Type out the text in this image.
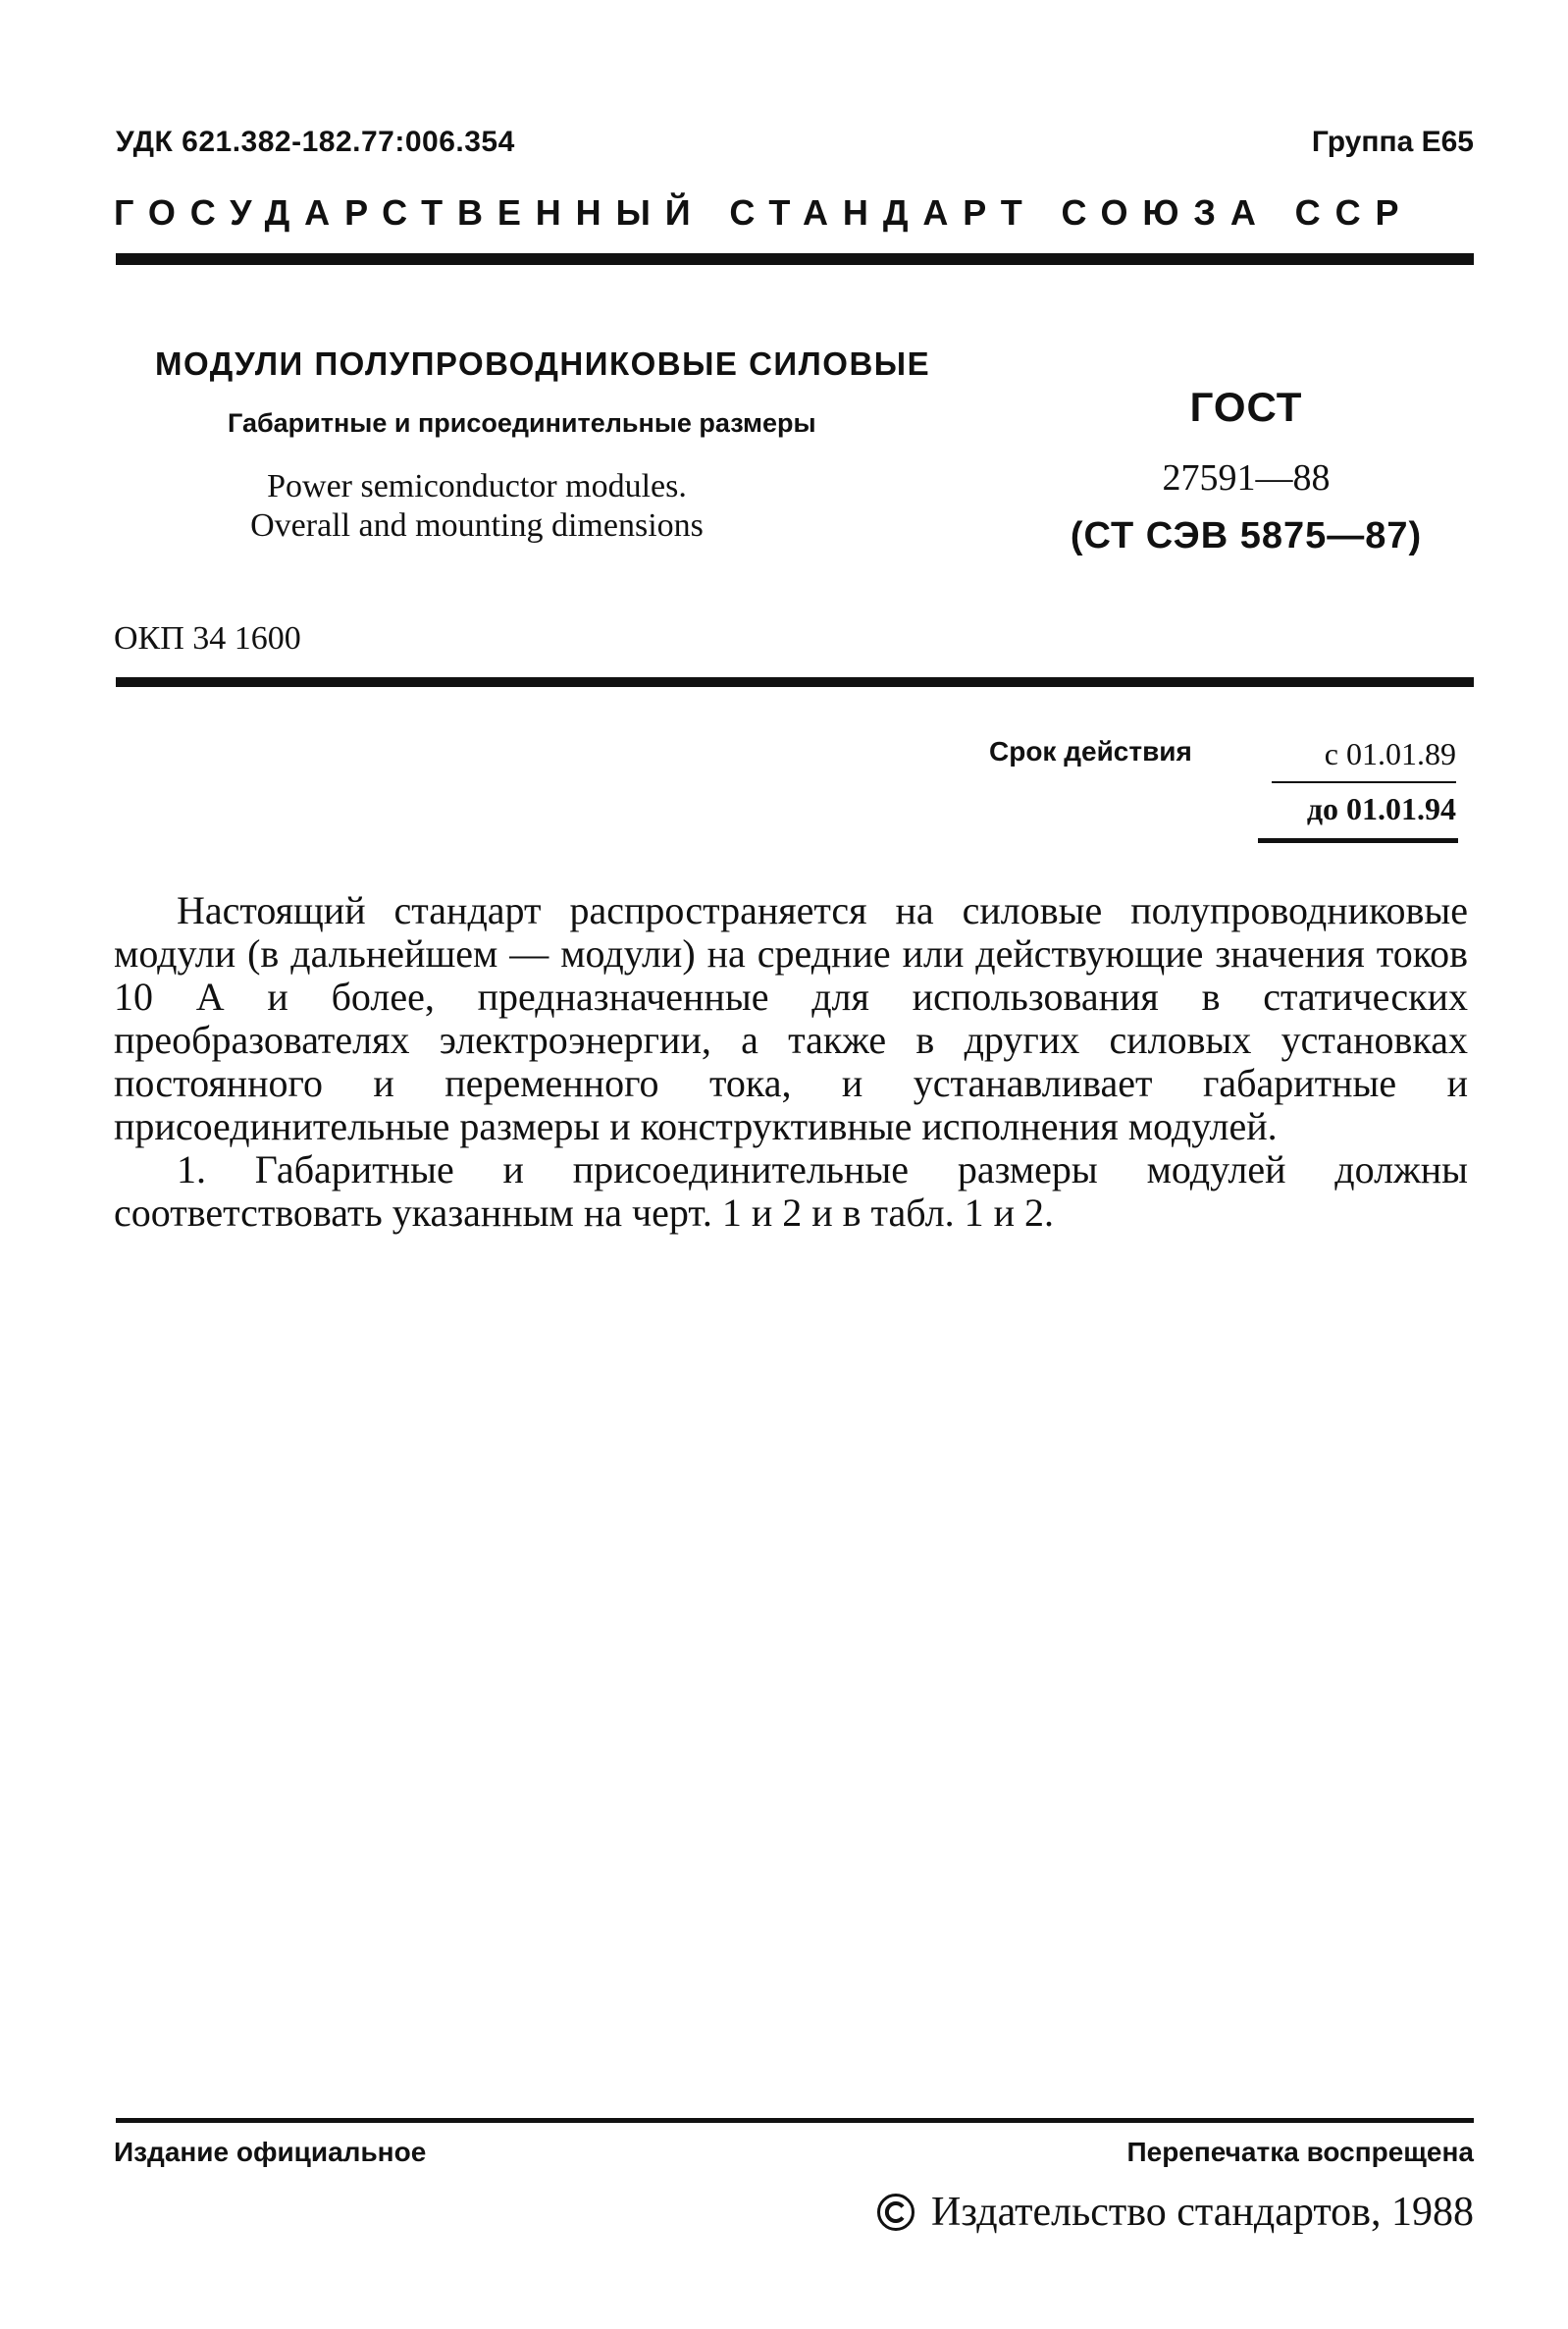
УДК 621.382-182.77:006.354	Группа Е65
ГОСУДАРСТВЕННЫЙ СТАНДАРТ СОЮЗА ССР
МОДУЛИ ПОЛУПРОВОДНИКОВЫЕ СИЛОВЫЕ
Габаритные и присоединительные размеры
Power semiconductor modules.
Overall and mounting dimensions
ГОСТ
27591—88
(СТ СЭВ 5875—87)
ОКП 34 1600
Срок действия	с 01.01.89
до 01.01.94

Настоящий стандарт распространяется на силовые полупроводниковые модули (в дальнейшем — модули) на средние или действующие значения токов 10 А и более, предназначенные для использования в статических преобразователях электроэнергии, а также в других силовых установках постоянного и переменного тока, и устанавливает габаритные и присоединительные размеры и конструктивные исполнения модулей.

1. Габаритные и присоединительные размеры модулей должны соответствовать указанным на черт. 1 и 2 и в табл. 1 и 2.

Издание официальное	Перепечатка воспрещена
Издательство стандартов, 1988
